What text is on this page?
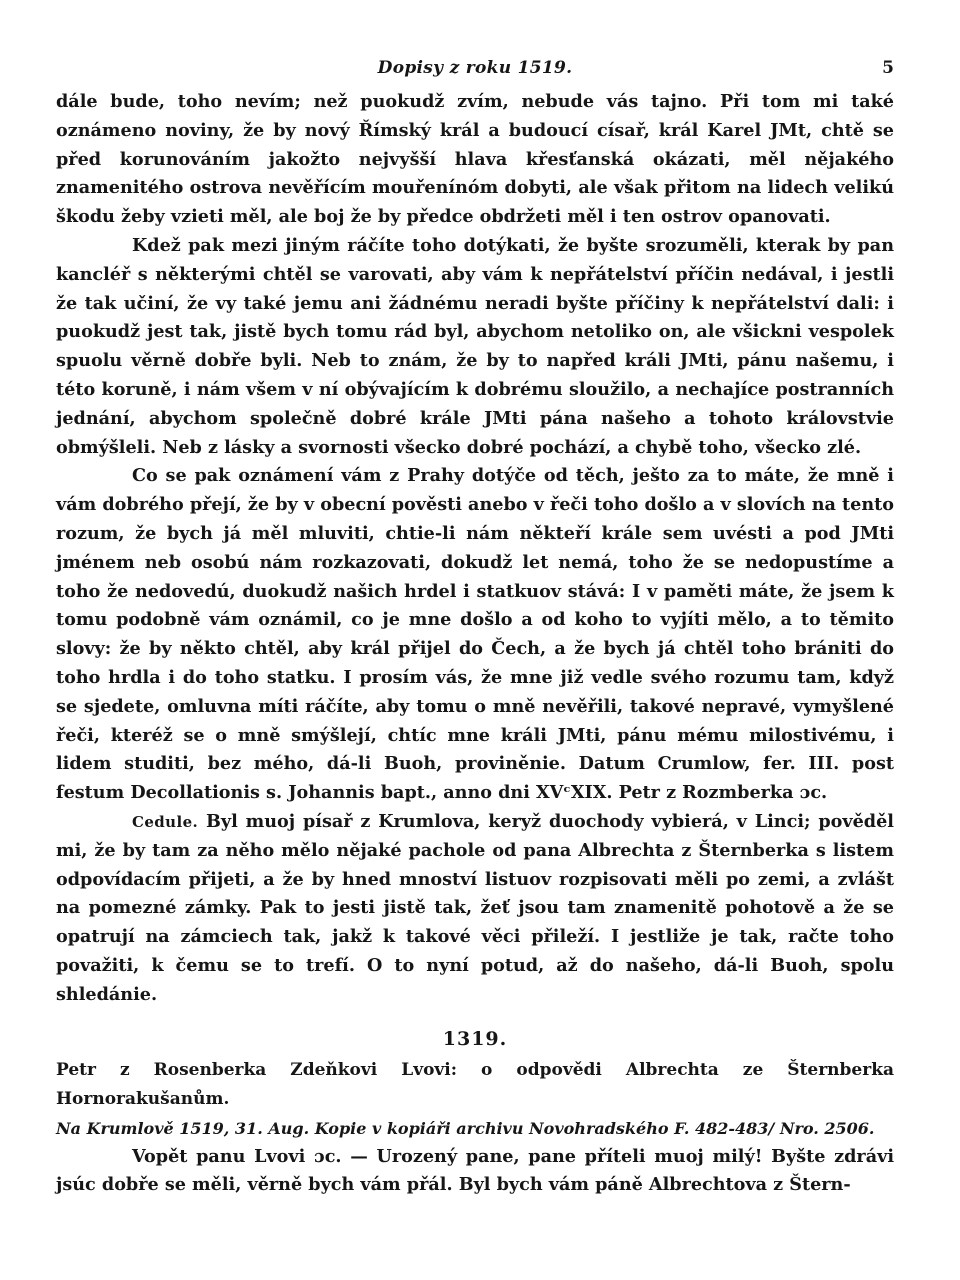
Dopisy z roku 1519.	5

dále bude, toho nevím; než puokudž zvím, nebude vás tajno. Při tom mi také oznámeno noviny, že by nový Římský král a budoucí císař, král Karel JMt, chtě se před korunováním jakožto nejvyšší hlava křesťanská okázati, měl nějakého znamenitého ostrova nevěřícím mouřenínóm dobyti, ale však přitom na lidech velikú škodu žeby vzieti měl, ale boj že by předce obdržeti měl i ten ostrov opanovati.

Kdež pak mezi jiným ráčíte toho dotýkati, že byšte srozuměli, kterak by pan kancléř s některými chtěl se varovati, aby vám k nepřátelství příčin nedával, i jestli že tak učiní, že vy také jemu ani žádnému neradi byšte příčiny k nepřátelství dali: i puokudž jest tak, jistě bych tomu rád byl, abychom netoliko on, ale všickni vespolek spuolu věrně dobře byli. Neb to znám, že by to napřed králi JMti, pánu našemu, i této koruně, i nám všem v ní obývajícím k dobrému sloužilo, a nechajíce postranních jednání, abychom společně dobré krále JMti pána našeho a tohoto královstvie obmýšleli. Neb z lásky a svornosti všecko dobré pochází, a chybě toho, všecko zlé.

Co se pak oznámení vám z Prahy dotýče od těch, ješto za to máte, že mně i vám dobrého přejí, že by v obecní pověsti anebo v řeči toho došlo a v slovích na tento rozum, že bych já měl mluviti, chtie-li nám někteří krále sem uvésti a pod JMti jménem neb osobú nám rozkazovati, dokudž let nemá, toho že se nedopustíme a toho že nedovedú, duokudž našich hrdel i statkuov stává: I v paměti máte, že jsem k tomu podobně vám oznámil, co je mne došlo a od koho to vyjíti mělo, a to těmito slovy: že by někto chtěl, aby král přijel do Čech, a že bych já chtěl toho brániti do toho hrdla i do toho statku. I prosím vás, že mne již vedle svého rozumu tam, když se sjedete, omluvna míti ráčíte, aby tomu o mně nevěřili, takové nepravé, vymyšlené řeči, kteréž se o mně smýšlejí, chtíc mne králi JMti, pánu mému milostivému, i lidem studiti, bez mého, dá-li Buoh, proviněnie. Datum Crumlow, fer. III. post festum Decollationis s. Johannis bapt., anno dni XVᶜXIX. Petr z Rozmberka ɔc.

Cedule. Byl muoj písař z Krumlova, keryž duochody vybierá, v Linci; pověděl mi, že by tam za něho mělo nějaké pachole od pana Albrechta z Šternberka s listem odpovídacím přijeti, a že by hned mnoství listuov rozpisovati měli po zemi, a zvlášt na pomezné zámky. Pak to jesti jistě tak, žeť jsou tam znamenitě pohotově a že se opatrují na zámciech tak, jakž k takové věci přileží. I jestliže je tak, račte toho považiti, k čemu se to trefí. O to nyní potud, až do našeho, dá-li Buoh, spolu shledánie.

1319.

Petr z Rosenberka Zdeňkovi Lvovi: o odpovědi Albrechta ze Šternberka Hornorakušanům.

Na Krumlově 1519, 31. Aug. Kopie v kopiáři archivu Novohradského F. 482-483/ Nro. 2506.

Vopět panu Lvovi ɔc. — Urozený pane, pane příteli muoj milý! Byšte zdrávi jsúc dobře se měli, věrně bych vám přál. Byl bych vám páně Albrechtova z Štern-
